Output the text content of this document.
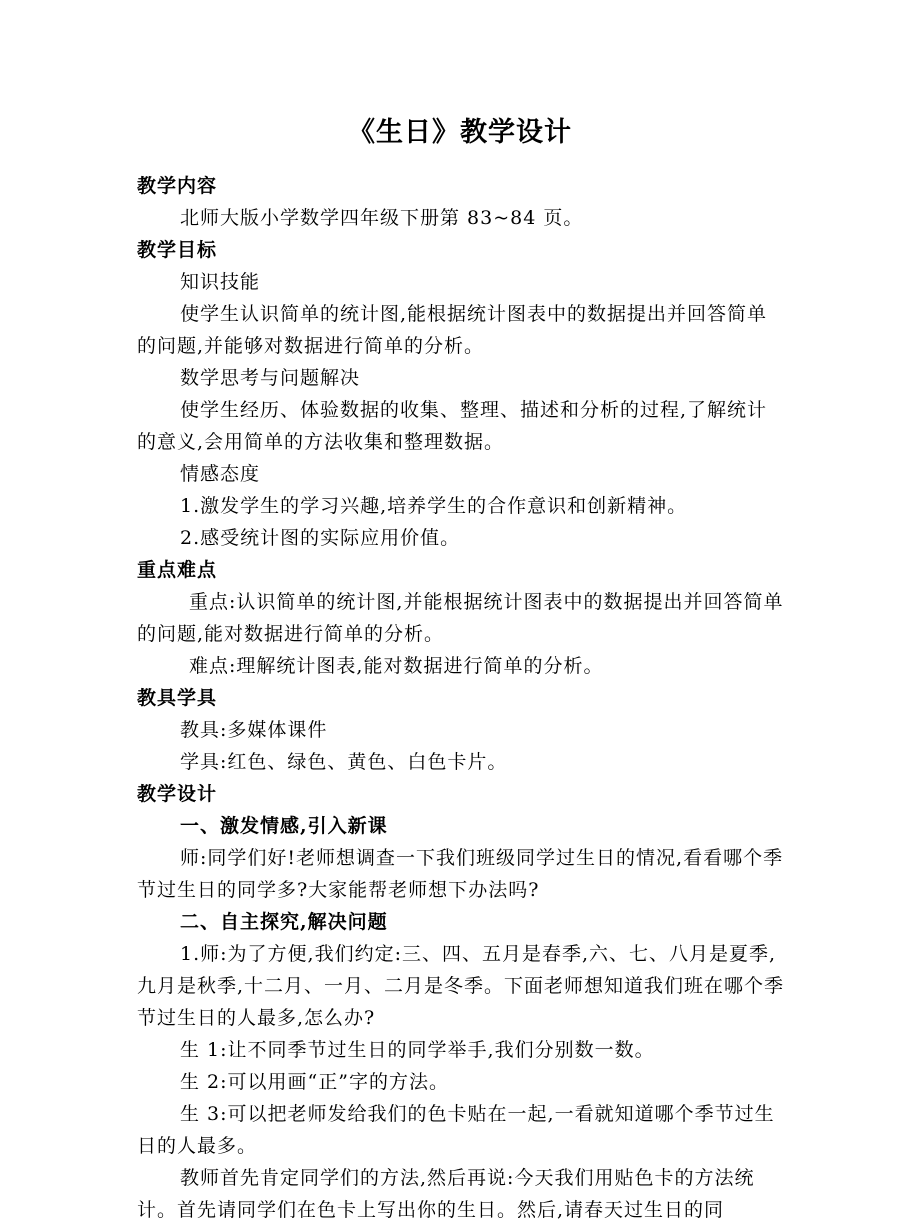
《生日》教学设计

教学内容

北师大版小学数学四年级下册第 83~84 页。

教学目标

知识技能

使学生认识简单的统计图,能根据统计图表中的数据提出并回答简单的问题,并能够对数据进行简单的分析。

数学思考与问题解决

使学生经历、体验数据的收集、整理、描述和分析的过程,了解统计的意义,会用简单的方法收集和整理数据。

情感态度

1.激发学生的学习兴趣,培养学生的合作意识和创新精神。

2.感受统计图的实际应用价值。

重点难点

重点:认识简单的统计图,并能根据统计图表中的数据提出并回答简单的问题,能对数据进行简单的分析。

难点:理解统计图表,能对数据进行简单的分析。

教具学具

教具:多媒体课件

学具:红色、绿色、黄色、白色卡片。

教学设计

一、激发情感,引入新课

师:同学们好!老师想调查一下我们班级同学过生日的情况,看看哪个季节过生日的同学多?大家能帮老师想下办法吗?

二、自主探究,解决问题

1.师:为了方便,我们约定:三、四、五月是春季,六、七、八月是夏季,九月是秋季,十二月、一月、二月是冬季。下面老师想知道我们班在哪个季节过生日的人最多,怎么办?

生 1:让不同季节过生日的同学举手,我们分别数一数。

生 2:可以用画“正”字的方法。

生 3:可以把老师发给我们的色卡贴在一起,一看就知道哪个季节过生日的人最多。

教师首先肯定同学们的方法,然后再说:今天我们用贴色卡的方法统计。首先请同学们在色卡上写出你的生日。然后,请春天过生日的同
